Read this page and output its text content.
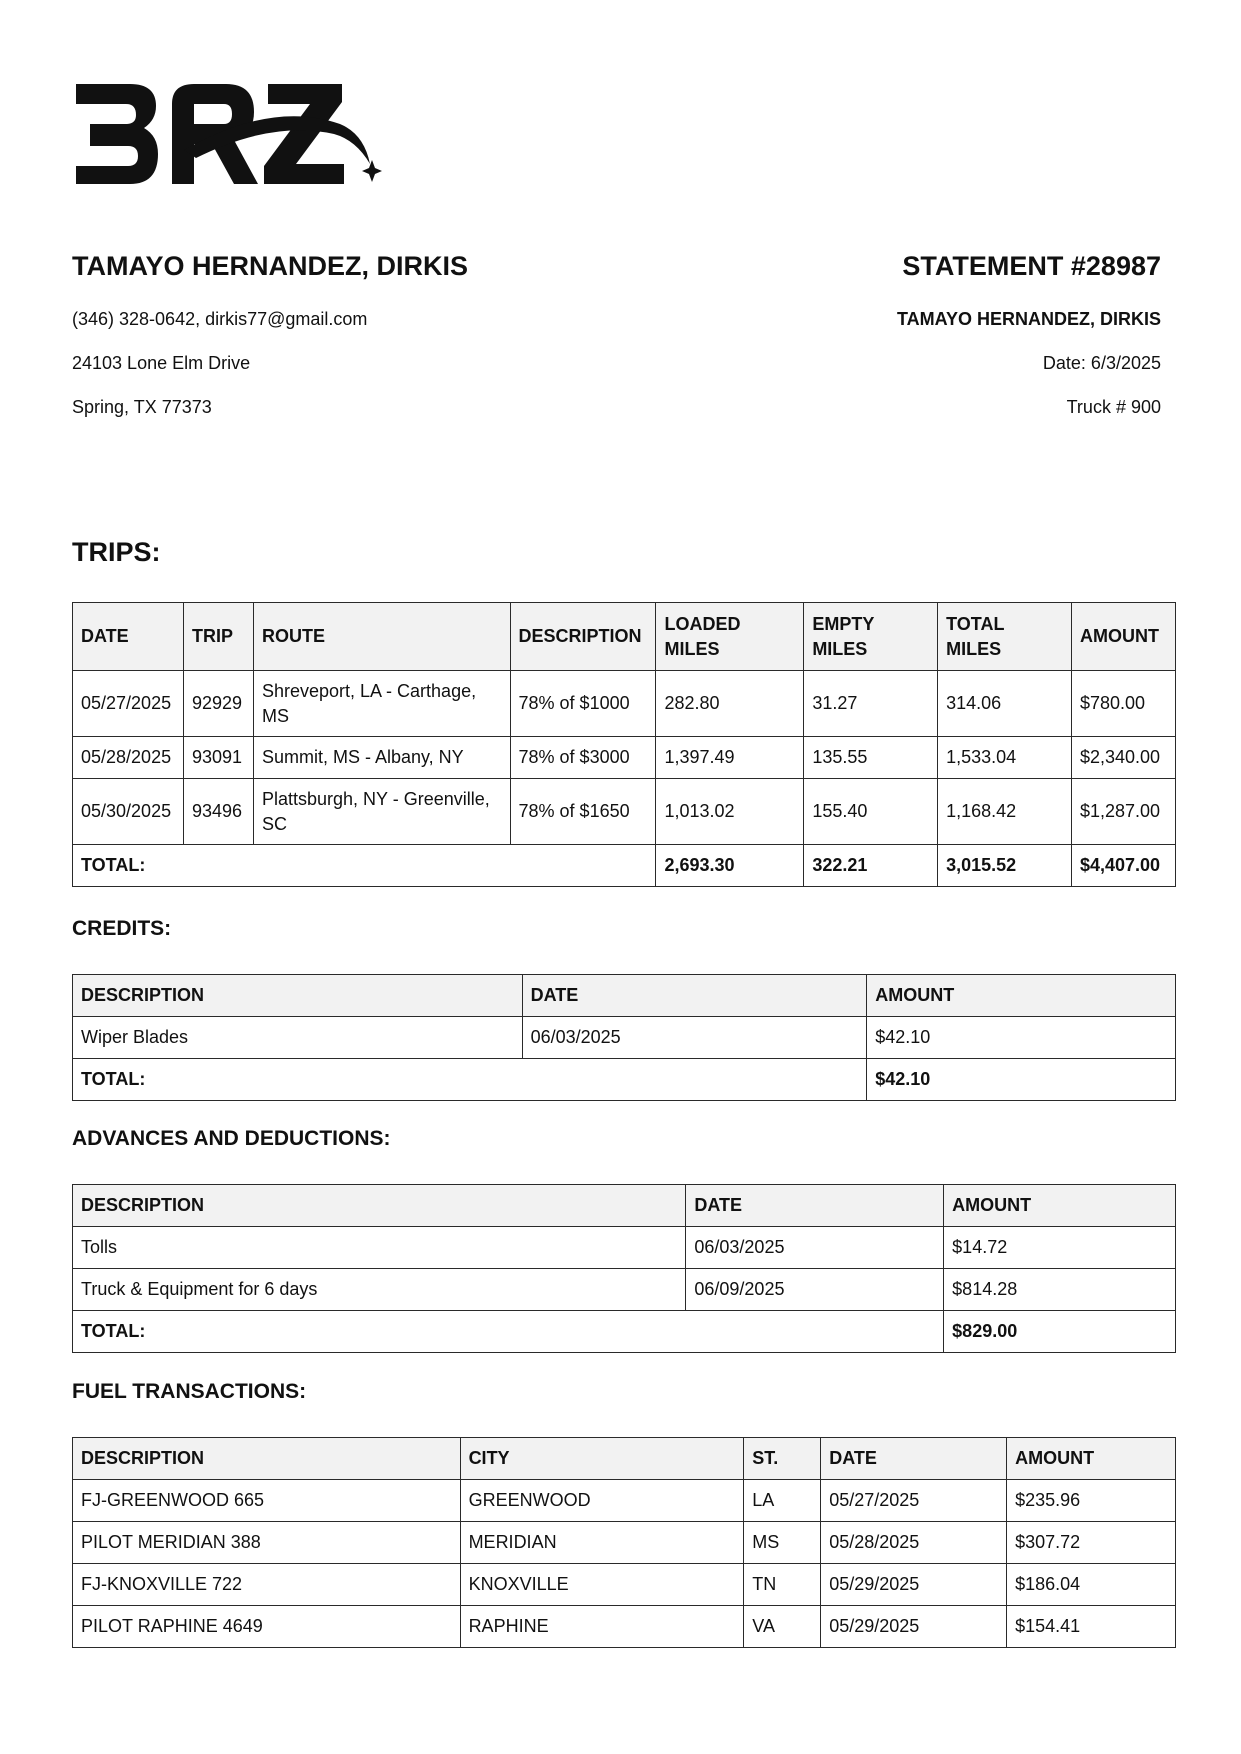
TAMAYO HERNANDEZ, DIRKIS
(346) 328-0642, dirkis77@gmail.com
24103 Lone Elm Drive
Spring, TX 77373
STATEMENT #28987
TAMAYO HERNANDEZ, DIRKIS
Date: 6/3/2025
Truck # 900
TRIPS:
DATE	TRIP	ROUTE	DESCRIPTION	LOADED MILES	EMPTY MILES	TOTAL MILES	AMOUNT
05/27/2025	92929	Shreveport, LA - Carthage, MS	78% of $1000	282.80	31.27	314.06	$780.00
05/28/2025	93091	Summit, MS - Albany, NY	78% of $3000	1,397.49	135.55	1,533.04	$2,340.00
05/30/2025	93496	Plattsburgh, NY - Greenville, SC	78% of $1650	1,013.02	155.40	1,168.42	$1,287.00
TOTAL:				2,693.30	322.21	3,015.52	$4,407.00
CREDITS:
DESCRIPTION	DATE	AMOUNT
Wiper Blades	06/03/2025	$42.10
TOTAL:		$42.10
ADVANCES AND DEDUCTIONS:
DESCRIPTION	DATE	AMOUNT
Tolls	06/03/2025	$14.72
Truck & Equipment for 6 days	06/09/2025	$814.28
TOTAL:		$829.00
FUEL TRANSACTIONS:
DESCRIPTION	CITY	ST.	DATE	AMOUNT
FJ-GREENWOOD 665	GREENWOOD	LA	05/27/2025	$235.96
PILOT MERIDIAN 388	MERIDIAN	MS	05/28/2025	$307.72
FJ-KNOXVILLE 722	KNOXVILLE	TN	05/29/2025	$186.04
PILOT RAPHINE 4649	RAPHINE	VA	05/29/2025	$154.41
